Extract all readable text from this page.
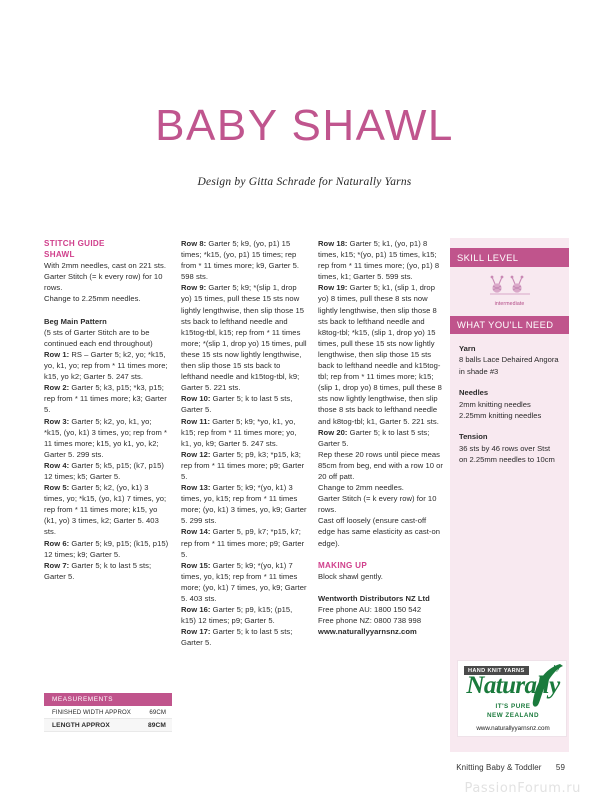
BABY SHAWL
Design by Gitta Schrade for Naturally Yarns
STITCH GUIDE
SHAWL

With 2mm needles, cast on 221 sts.

Garter Stitch (= k every row) for 10 rows.

Change to 2.25mm needles.

Beg Main Pattern

(5 sts of Garter Stitch are to be continued each end throughout)

Row 1: RS – Garter 5; k2, yo; *k15, yo, k1, yo; rep from * 11 times more; k15, yo k2; Garter 5. 247 sts.

Row 2: Garter 5; k3, p15; *k3, p15; rep from * 11 times more; k3; Garter 5.

Row 3: Garter 5; k2, yo, k1, yo; *k15, (yo, k1) 3 times, yo; rep from * 11 times more; k15, yo k1, yo, k2; Garter 5. 299 sts.

Row 4: Garter 5; k5, p15; (k7, p15) 12 times; k5; Garter 5.

Row 5: Garter 5; k2, (yo, k1) 3 times, yo; *k15, (yo, k1) 7 times, yo; rep from * 11 times more; k15, yo (k1, yo) 3 times, k2; Garter 5. 403 sts.

Row 6: Garter 5; k9, p15; (k15, p15) 12 times; k9; Garter 5.

Row 7: Garter 5; k to last 5 sts; Garter 5.

Row 8: Garter 5; k9, (yo, p1) 15 times; *k15, (yo, p1) 15 times; rep from * 11 times more; k9, Garter 5. 598 sts.

Row 9: Garter 5; k9; *(slip 1, drop yo) 15 times, pull these 15 sts now lightly lengthwise, then slip those 15 sts back to lefthand needle and k15tog-tbl, k15; rep from * 11 times more; *(slip 1, drop yo) 15 times, pull these 15 sts now lightly lengthwise, then slip those 15 sts back to lefthand needle and k15tog-tbl, k9; Garter 5. 221 sts.

Row 10: Garter 5; k to last 5 sts, Garter 5.

Row 11: Garter 5; k9; *yo, k1, yo, k15; rep from * 11 times more; yo, k1, yo, k9; Garter 5. 247 sts.

Row 12: Garter 5; p9, k3; *p15, k3; rep from * 11 times more; p9; Garter 5.

Row 13: Garter 5; k9; *(yo, k1) 3 times, yo, k15; rep from * 11 times more; (yo, k1) 3 times, yo, k9; Garter 5. 299 sts.

Row 14: Garter 5, p9, k7; *p15, k7; rep from * 11 times more; p9; Garter 5.

Row 15: Garter 5; k9; *(yo, k1) 7 times, yo, k15; rep from * 11 times more; (yo, k1) 7 times, yo, k9; Garter 5. 403 sts.

Row 16: Garter 5; p9, k15; (p15, k15) 12 times; p9; Garter 5.

Row 17: Garter 5; k to last 5 sts; Garter 5.

Row 18: Garter 5; k1, (yo, p1) 8 times, k15; *(yo, p1) 15 times, k15; rep from * 11 times more; (yo, p1) 8 times, k1; Garter 5. 599 sts.

Row 19: Garter 5; k1, (slip 1, drop yo) 8 times, pull these 8 sts now lightly lengthwise, then slip those 8 sts back to lefthand needle and k8tog-tbl; *k15, (slip 1, drop yo) 15 times, pull these 15 sts now lightly lengthwise, then slip those 15 sts back to lefthand needle and k15tog-tbl; rep from * 11 times more; k15; (slip 1, drop yo) 8 times, pull these 8 sts now lightly lengthwise, then slip those 8 sts back to lefthand needle and k8tog-tbl; k1, Garter 5. 221 sts.

Row 20: Garter 5; k to last 5 sts; Garter 5.

Rep these 20 rows until piece meas 85cm from beg, end with a row 10 or 20 off patt.

Change to 2mm needles.

Garter Stitch (= k every row) for 10 rows.

Cast off loosely (ensure cast-off edge has same elasticity as cast-on edge).

MAKING UP

Block shawl gently.

Wentworth Distributors NZ Ltd

Free phone AU: 1800 150 542

Free phone NZ: 0800 738 998

www.naturallyyarnsnz.com

MEASUREMENTS
FINISHED WIDTH APPROX	69CM
LENGTH APPROX	89CM
SKILL LEVEL
intermediate
WHAT YOU'LL NEED
Yarn
8 balls Lace Dehaired Angora in shade #3
Needles
2mm knitting needles
2.25mm knitting needles
Tension
36 sts by 46 rows over Stst on 2.25mm needles to 10cm
HAND KNIT YARNS	by
Naturally
IT'S PURE
NEW ZEALAND
www.naturallyyarnsnz.com
Knitting Baby & Toddler 59
PassionForum.ru
